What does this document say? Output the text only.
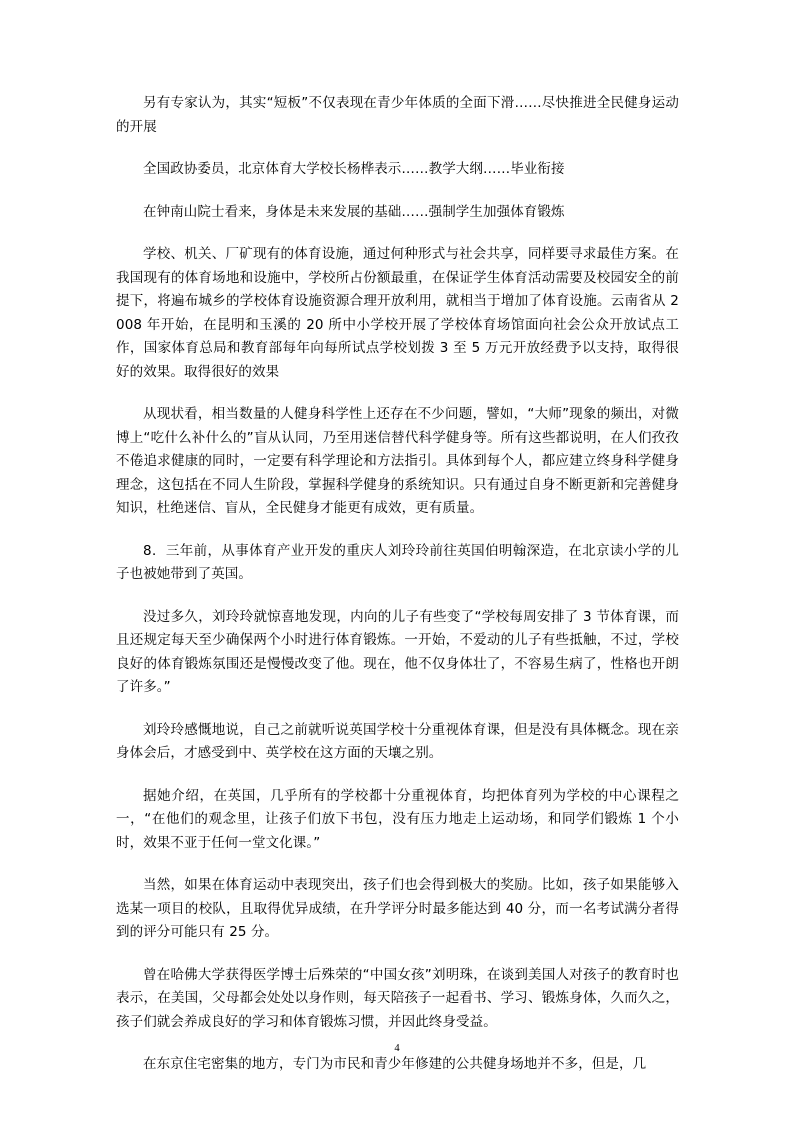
另有专家认为，其实“短板”不仅表现在青少年体质的全面下滑……尽快推进全民健身运动的开展

全国政协委员，北京体育大学校长杨桦表示……教学大纲……毕业衔接

在钟南山院士看来，身体是未来发展的基础……强制学生加强体育锻炼

学校、机关、厂矿现有的体育设施，通过何种形式与社会共享，同样要寻求最佳方案。在我国现有的体育场地和设施中，学校所占份额最重，在保证学生体育活动需要及校园安全的前提下，将遍布城乡的学校体育设施资源合理开放利用，就相当于增加了体育设施。云南省从 2008 年开始，在昆明和玉溪的 20 所中小学校开展了学校体育场馆面向社会公众开放试点工作，国家体育总局和教育部每年向每所试点学校划拨 3 至 5 万元开放经费予以支持，取得很好的效果。取得很好的效果

从现状看，相当数量的人健身科学性上还存在不少问题，譬如，“大师”现象的频出，对微博上“吃什么补什么的”盲从认同，乃至用迷信替代科学健身等。所有这些都说明，在人们孜孜不倦追求健康的同时，一定要有科学理论和方法指引。具体到每个人，都应建立终身科学健身理念，这包括在不同人生阶段，掌握科学健身的系统知识。只有通过自身不断更新和完善健身知识，杜绝迷信、盲从，全民健身才能更有成效，更有质量。

8．三年前，从事体育产业开发的重庆人刘玲玲前往英国伯明翰深造，在北京读小学的儿子也被她带到了英国。

没过多久，刘玲玲就惊喜地发现，内向的儿子有些变了“学校每周安排了 3 节体育课，而且还规定每天至少确保两个小时进行体育锻炼。一开始，不爱动的儿子有些抵触，不过，学校良好的体育锻炼氛围还是慢慢改变了他。现在，他不仅身体壮了，不容易生病了，性格也开朗了许多。”

刘玲玲感慨地说，自己之前就听说英国学校十分重视体育课，但是没有具体概念。现在亲身体会后，才感受到中、英学校在这方面的天壤之别。

据她介绍，在英国，几乎所有的学校都十分重视体育，均把体育列为学校的中心课程之一，“在他们的观念里，让孩子们放下书包，没有压力地走上运动场，和同学们锻炼 1 个小时，效果不亚于任何一堂文化课。”

当然，如果在体育运动中表现突出，孩子们也会得到极大的奖励。比如，孩子如果能够入选某一项目的校队，且取得优异成绩，在升学评分时最多能达到 40 分，而一名考试满分者得到的评分可能只有 25 分。

曾在哈佛大学获得医学博士后殊荣的“中国女孩”刘明珠，在谈到美国人对孩子的教育时也表示，在美国，父母都会处处以身作则，每天陪孩子一起看书、学习、锻炼身体，久而久之，孩子们就会养成良好的学习和体育锻炼习惯，并因此终身受益。

在东京住宅密集的地方，专门为市民和青少年修建的公共健身场地并不多，但是，几

4
